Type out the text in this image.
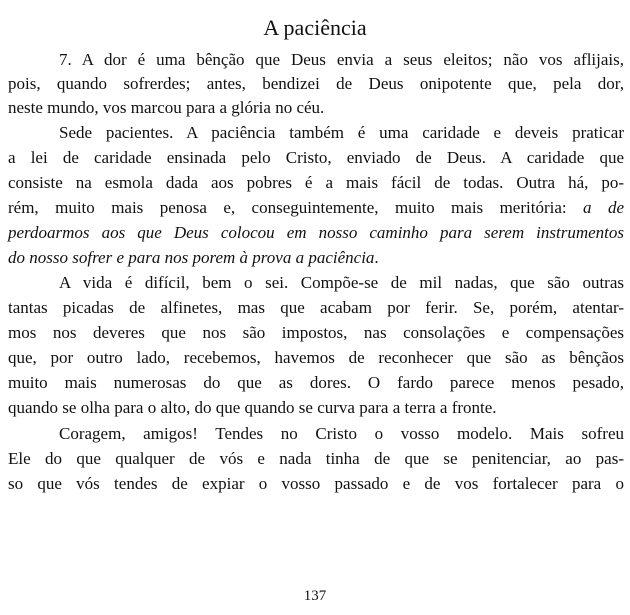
A paciência
7. A dor é uma bênção que Deus envia a seus eleitos; não vos aflijais,
pois, quando sofrerdes; antes, bendizei de Deus onipotente que, pela dor,
neste mundo, vos marcou para a glória no céu.
Sede pacientes. A paciência também é uma caridade e deveis praticar
a lei de caridade ensinada pelo Cristo, enviado de Deus. A caridade que
consiste na esmola dada aos pobres é a mais fácil de todas. Outra há, po-
rém, muito mais penosa e, conseguintemente, muito mais meritória: a de
perdoarmos aos que Deus colocou em nosso caminho para serem instrumentos
do nosso sofrer e para nos porem à prova a paciência.
A vida é difícil, bem o sei. Compõe-se de mil nadas, que são outras
tantas picadas de alfinetes, mas que acabam por ferir. Se, porém, atentar-
mos nos deveres que nos são impostos, nas consolações e compensações
que, por outro lado, recebemos, havemos de reconhecer que são as bênçãos
muito mais numerosas do que as dores. O fardo parece menos pesado,
quando se olha para o alto, do que quando se curva para a terra a fronte.
Coragem, amigos! Tendes no Cristo o vosso modelo. Mais sofreu
Ele do que qualquer de vós e nada tinha de que se penitenciar, ao pas-
so que vós tendes de expiar o vosso passado e de vos fortalecer para o
137
